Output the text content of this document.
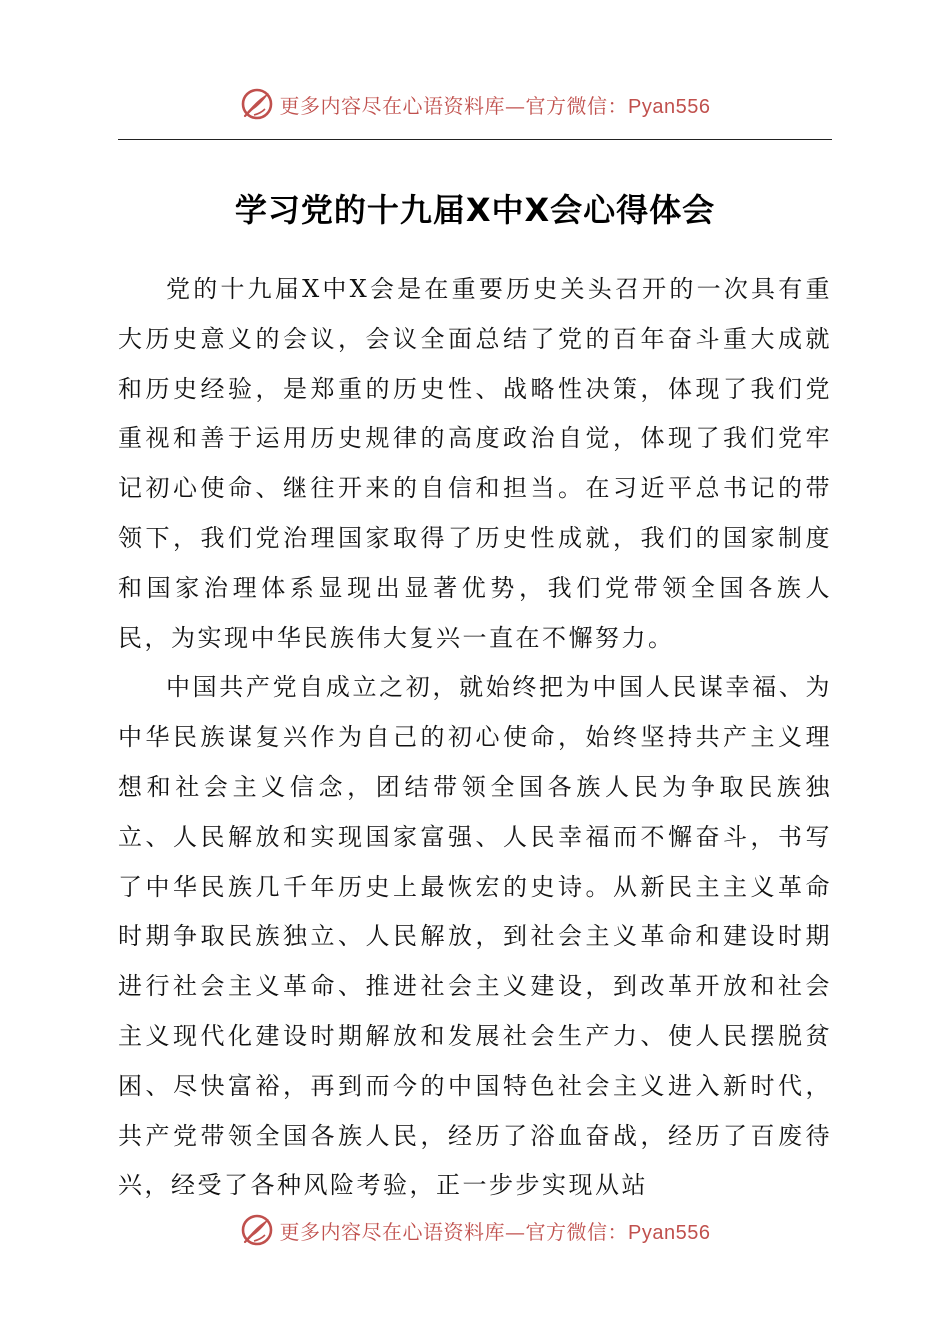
更多内容尽在心语资料库—官方微信：Pyan556
学习党的十九届X中X会心得体会

党的十九届X中X会是在重要历史关头召开的一次具有重大历史意义的会议，会议全面总结了党的百年奋斗重大成就和历史经验，是郑重的历史性、战略性决策，体现了我们党重视和善于运用历史规律的高度政治自觉，体现了我们党牢记初心使命、继往开来的自信和担当。在习近平总书记的带领下，我们党治理国家取得了历史性成就，我们的国家制度和国家治理体系显现出显著优势，我们党带领全国各族人民，为实现中华民族伟大复兴一直在不懈努力。

中国共产党自成立之初，就始终把为中国人民谋幸福、为中华民族谋复兴作为自己的初心使命，始终坚持共产主义理想和社会主义信念，团结带领全国各族人民为争取民族独立、人民解放和实现国家富强、人民幸福而不懈奋斗，书写了中华民族几千年历史上最恢宏的史诗。从新民主主义革命时期争取民族独立、人民解放，到社会主义革命和建设时期进行社会主义革命、推进社会主义建设，到改革开放和社会主义现代化建设时期解放和发展社会生产力、使人民摆脱贫困、尽快富裕，再到而今的中国特色社会主义进入新时代，共产党带领全国各族人民，经历了浴血奋战，经历了百废待兴，经受了各种风险考验，正一步步实现从站

更多内容尽在心语资料库—官方微信：Pyan556
